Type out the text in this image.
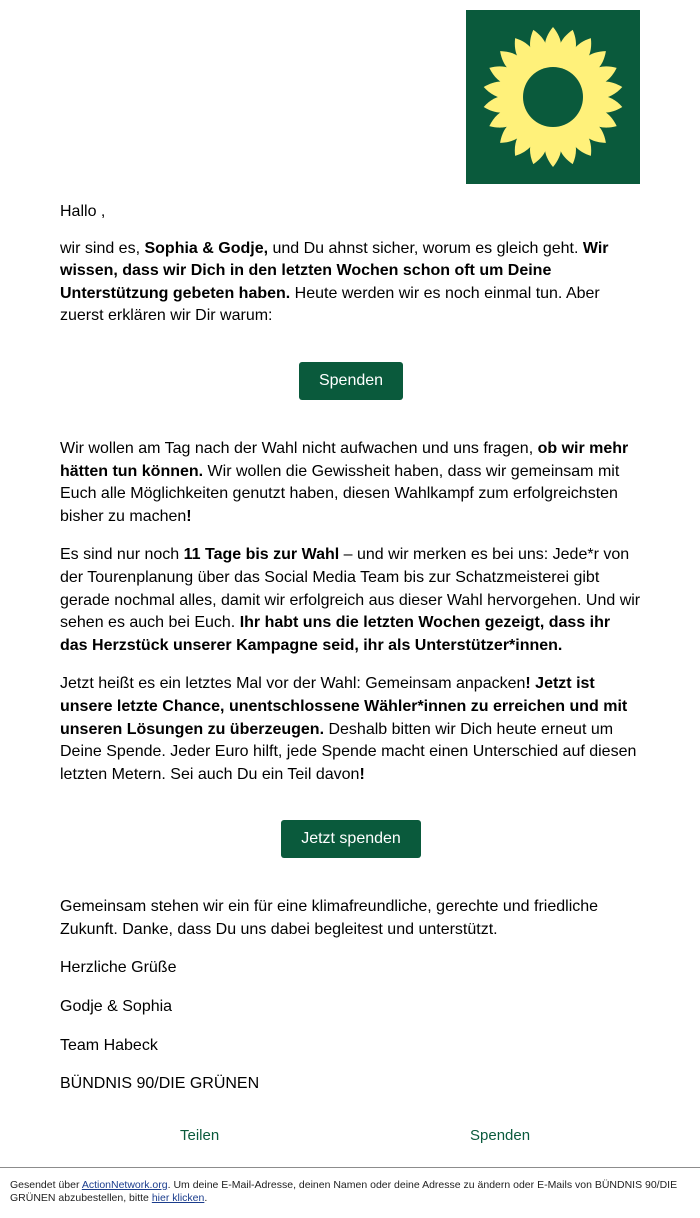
Hallo ,

wir sind es, Sophia & Godje, und Du ahnst sicher, worum es gleich geht. Wir wissen, dass wir Dich in den letzten Wochen schon oft um Deine Unterstützung gebeten haben. Heute werden wir es noch einmal tun. Aber zuerst erklären wir Dir warum:

Spenden

Wir wollen am Tag nach der Wahl nicht aufwachen und uns fragen, ob wir mehr hätten tun können. Wir wollen die Gewissheit haben, dass wir gemeinsam mit Euch alle Möglichkeiten genutzt haben, diesen Wahlkampf zum erfolgreichsten bisher zu machen!

Es sind nur noch 11 Tage bis zur Wahl – und wir merken es bei uns: Jede*r von der Tourenplanung über das Social Media Team bis zur Schatzmeisterei gibt gerade nochmal alles, damit wir erfolgreich aus dieser Wahl hervorgehen. Und wir sehen es auch bei Euch. Ihr habt uns die letzten Wochen gezeigt, dass ihr das Herzstück unserer Kampagne seid, ihr als Unterstützer*innen.

Jetzt heißt es ein letztes Mal vor der Wahl: Gemeinsam anpacken! Jetzt ist unsere letzte Chance, unentschlossene Wähler*innen zu erreichen und mit unseren Lösungen zu überzeugen. Deshalb bitten wir Dich heute erneut um Deine Spende. Jeder Euro hilft, jede Spende macht einen Unterschied auf diesen letzten Metern. Sei auch Du ein Teil davon!

Jetzt spenden

Gemeinsam stehen wir ein für eine klimafreundliche, gerechte und friedliche Zukunft. Danke, dass Du uns dabei begleitest und unterstützt.

Herzliche Grüße

Godje & Sophia

Team Habeck

BÜNDNIS 90/DIE GRÜNEN

Teilen	Spenden
Gesendet über ActionNetwork.org. Um deine E-Mail-Adresse, deinen Namen oder deine Adresse zu ändern oder E-Mails von BÜNDNIS 90/DIE GRÜNEN abzubestellen, bitte hier klicken.
